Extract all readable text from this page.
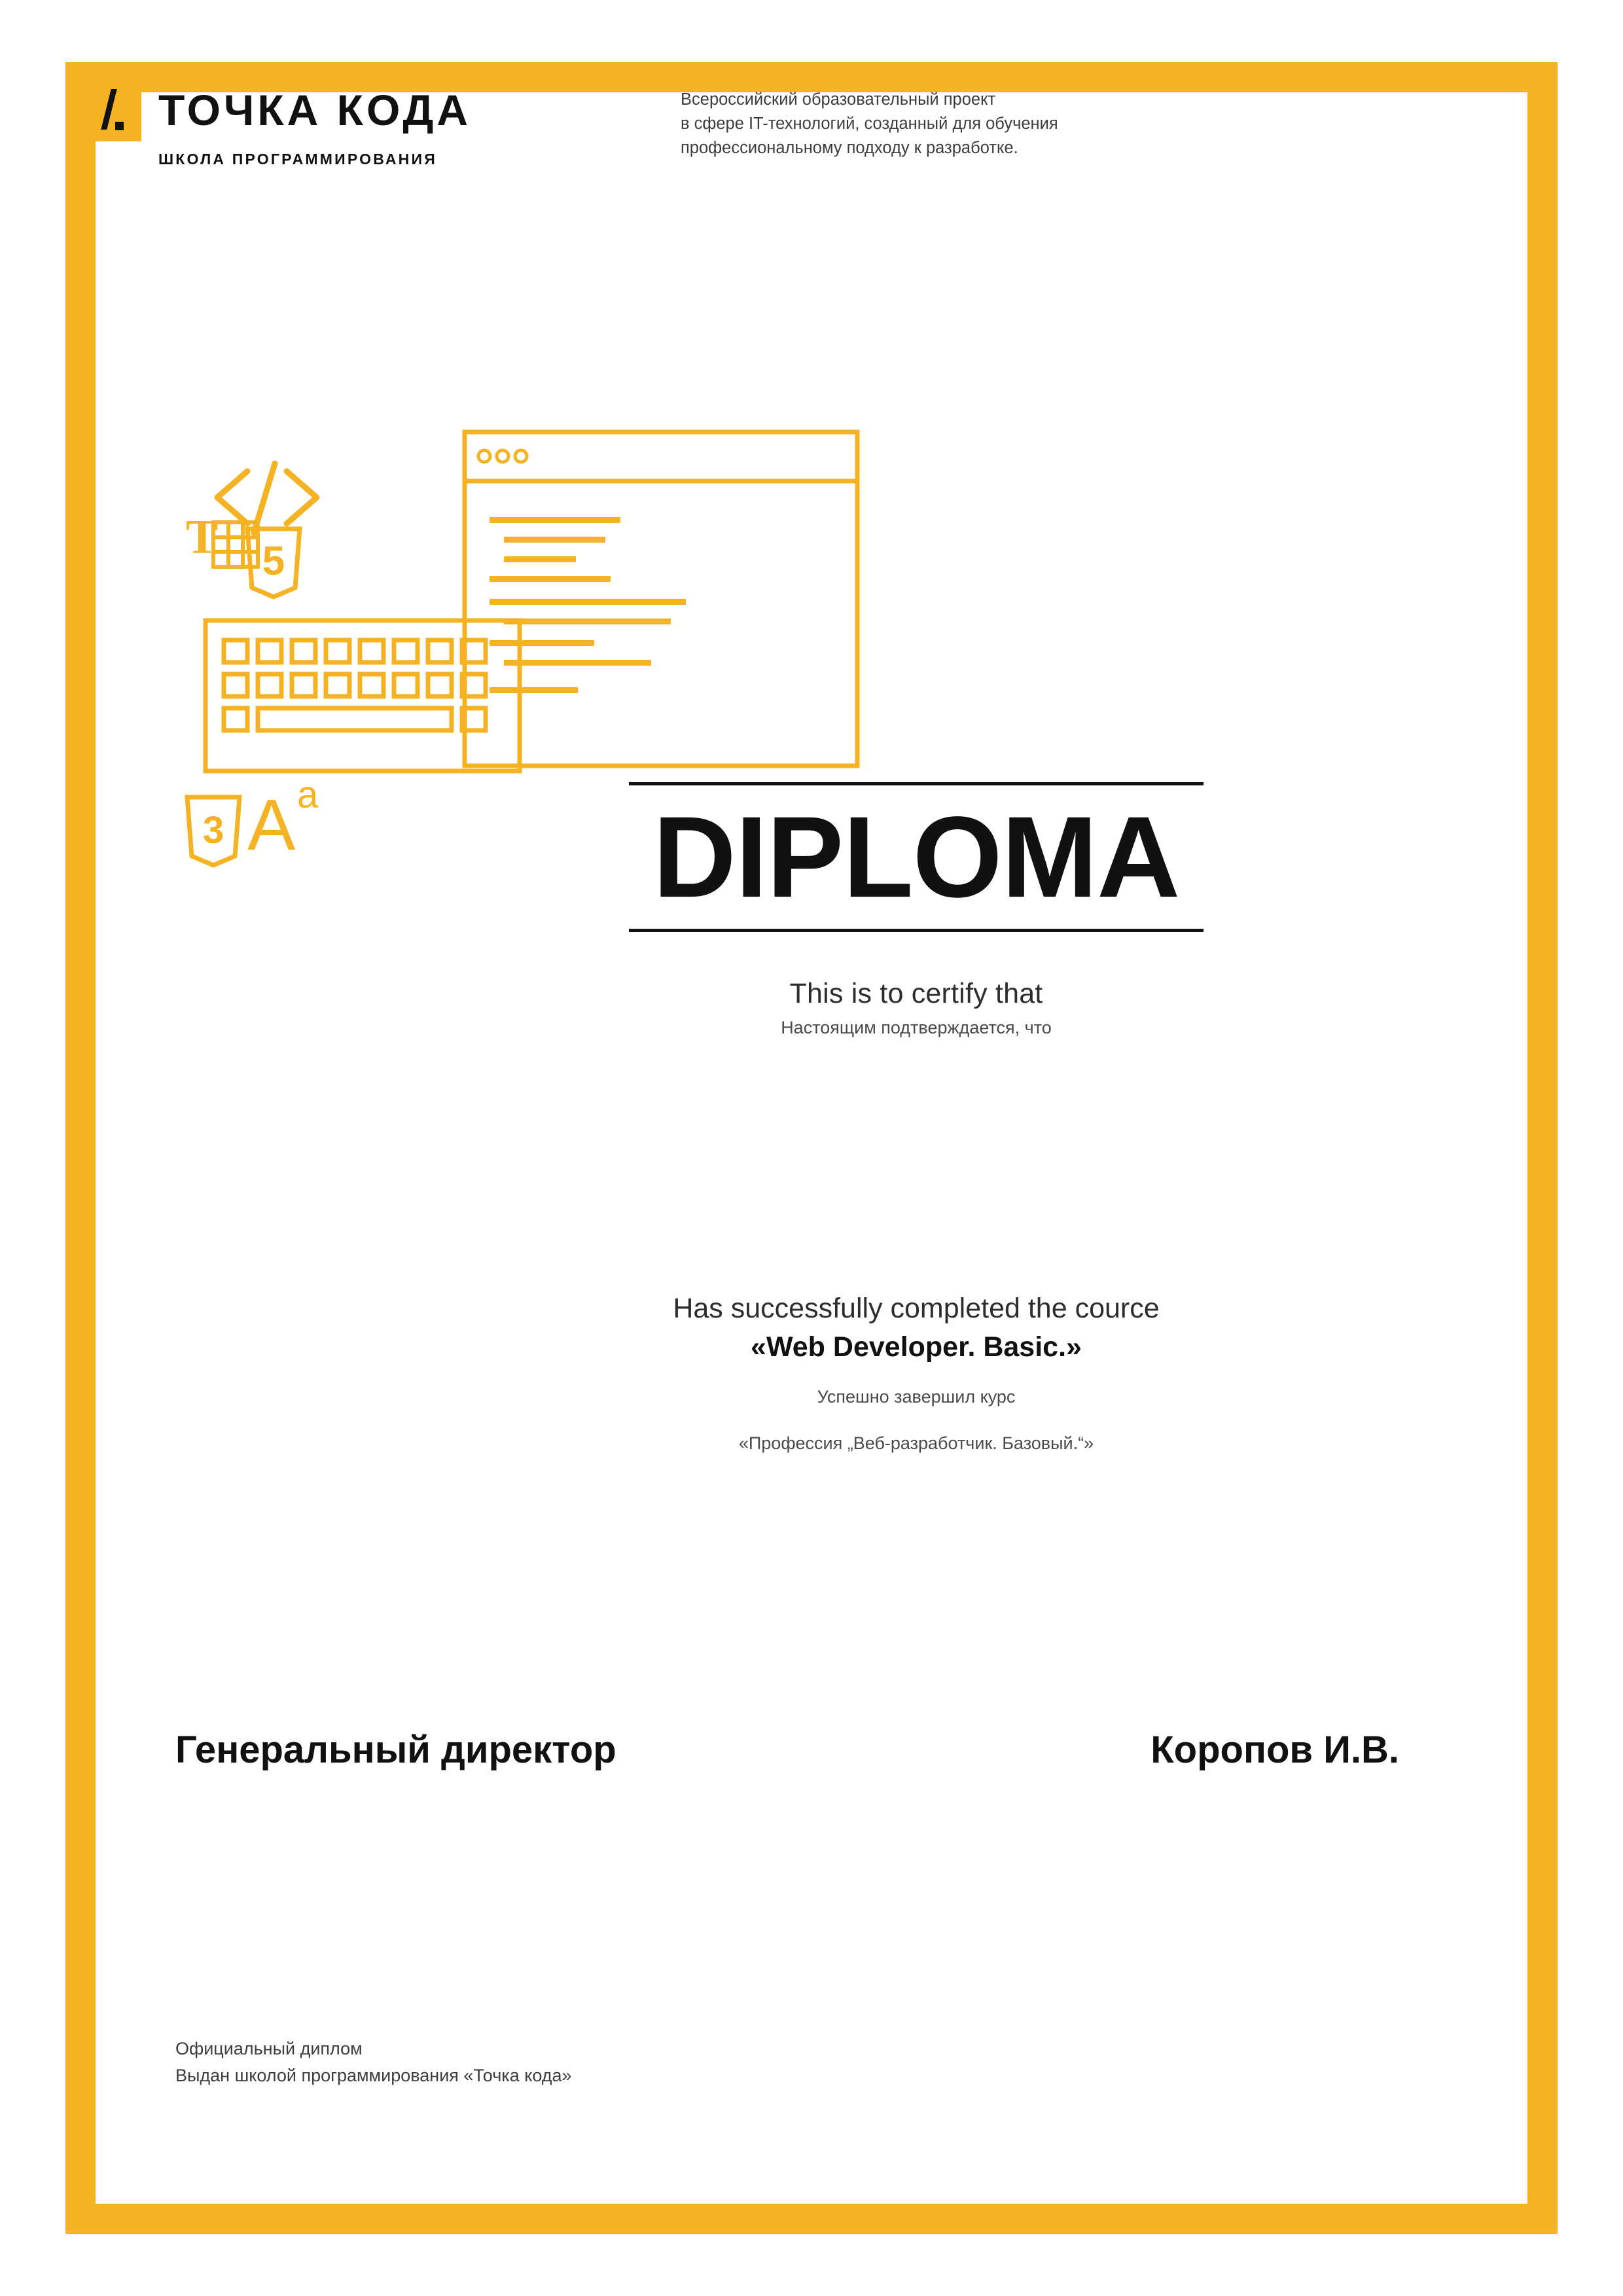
ТОЧКА КОДА
ШКОЛА ПРОГРАММИРОВАНИЯ
Всероссийский образовательный проект
в сфере IT-технологий, созданный для обучения
профессиональному подходу к разработке.
5
T
3 A a	DIPLOMA
This is to certify that
Настоящим подтверждается, что
Has successfully completed the cource
«Web Developer. Basic.»
Успешно завершил курс
«Профессия „Веб-разработчик. Базовый.“»
Генеральный директор	Коропов И.В.
Официальный диплом
Выдан школой программирования «Точка кода»
